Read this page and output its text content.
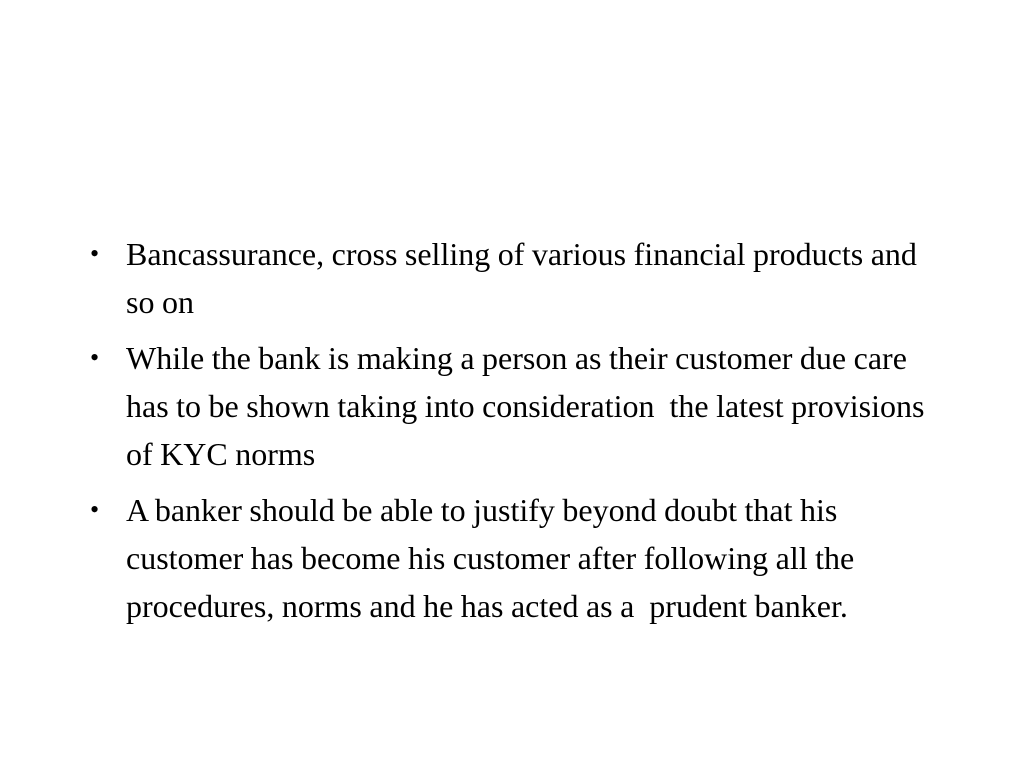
• Bancassurance, cross selling of various financial products and so on
• While the bank is making a person as their customer due care has to be shown taking into consideration  the latest provisions of KYC norms
• A banker should be able to justify beyond doubt that his customer has become his customer after following all the procedures, norms and he has acted as a  prudent banker.
